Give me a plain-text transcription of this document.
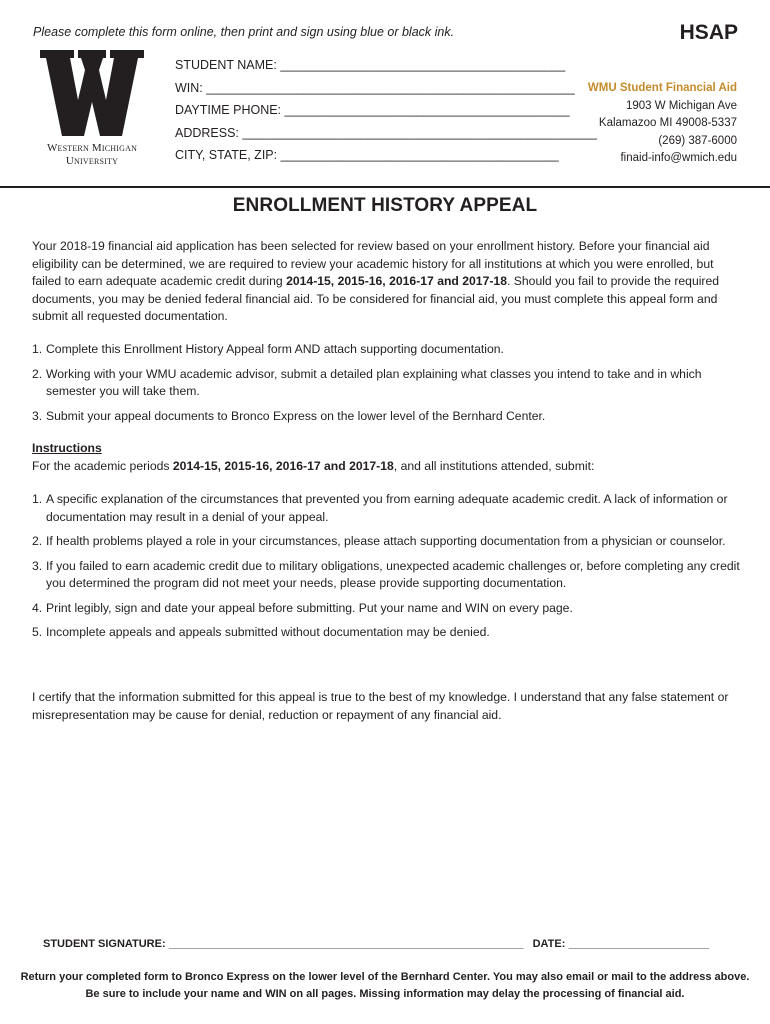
Please complete this form online, then print and sign using blue or black ink.	HSAP
Western Michigan
University
STUDENT NAME: _________________________________________
WIN: _____________________________________________________
DAYTIME PHONE: _________________________________________
ADDRESS: ___________________________________________________
CITY, STATE, ZIP: ________________________________________
WMU Student Financial Aid
1903 W Michigan Ave
Kalamazoo MI 49008-5337
(269) 387-6000
finaid-info@wmich.edu
ENROLLMENT HISTORY APPEAL
Your 2018-19 financial aid application has been selected for review based on your enrollment history. Before your financial aid eligibility can be determined, we are required to review your academic history for all institutions at which you were enrolled, but failed to earn adequate academic credit during 2014-15, 2015-16, 2016-17 and 2017-18. Should you fail to provide the required documents, you may be denied federal financial aid. To be considered for financial aid, you must complete this appeal form and submit all requested documentation.
1. Complete this Enrollment History Appeal form AND attach supporting documentation.
2. Working with your WMU academic advisor, submit a detailed plan explaining what classes you intend to take and in which semester you will take them.
3. Submit your appeal documents to Bronco Express on the lower level of the Bernhard Center.
Instructions
For the academic periods 2014-15, 2015-16, 2016-17 and 2017-18, and all institutions attended, submit:
1. A specific explanation of the circumstances that prevented you from earning adequate academic credit. A lack of information or documentation may result in a denial of your appeal.
2. If health problems played a role in your circumstances, please attach supporting documentation from a physician or counselor.
3. If you failed to earn academic credit due to military obligations, unexpected academic challenges or, before completing any credit you determined the program did not meet your needs, please provide supporting documentation.
4. Print legibly, sign and date your appeal before submitting. Put your name and WIN on every page.
5. Incomplete appeals and appeals submitted without documentation may be denied.
I certify that the information submitted for this appeal is true to the best of my knowledge. I understand that any false statement or misrepresentation may be cause for denial, reduction or repayment of any financial aid.
STUDENT SIGNATURE: __________________________________________________________ DATE: _______________________
Return your completed form to Bronco Express on the lower level of the Bernhard Center. You may also email or mail to the address above.
Be sure to include your name and WIN on all pages. Missing information may delay the processing of financial aid.
